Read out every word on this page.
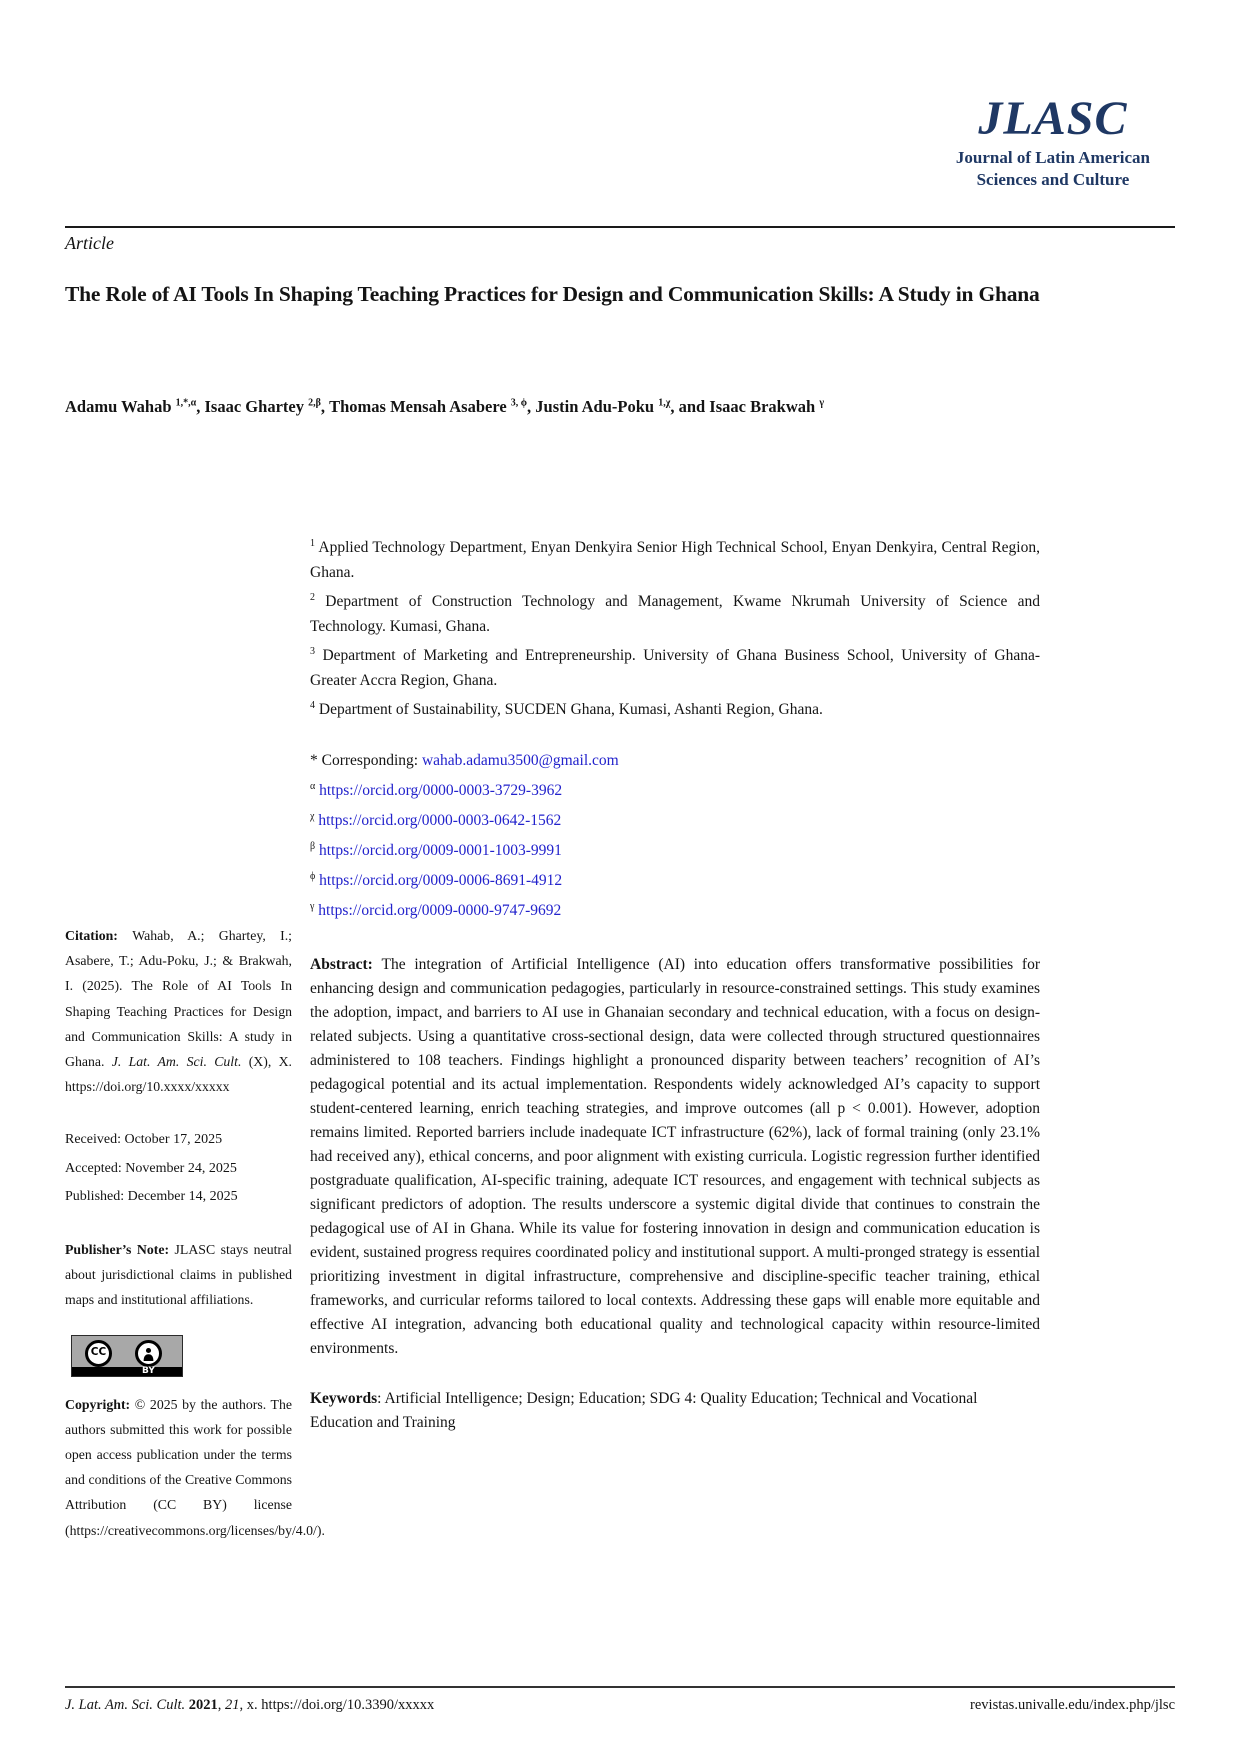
JLASC
Journal of Latin American
Sciences and Culture
Article
The Role of AI Tools In Shaping Teaching Practices for Design and Communication Skills: A Study in Ghana
Adamu Wahab $^{1,*,\alpha}$, Isaac Ghartey $^{2,\beta}$, Thomas Mensah Asabere $^{3, \phi}$, Justin Adu-Poku $^{1,\chi}$, and Isaac Brakwah $^\gamma$

Citation: Wahab, A.; Ghartey, I.; Asabere, T.; Adu-Poku, J.; & Brakwah, I. (2025). The Role of AI Tools In Shaping Teaching Practices for Design and Communication Skills: A study in Ghana. J. Lat. Am. Sci. Cult. (X), X. https://doi.org/10.xxxx/xxxxx

Received: October 17, 2025
Accepted: November 24, 2025
Published: December 14, 2025

Publisher’s Note: JLASC stays neutral about jurisdictional claims in published maps and institutional affiliations.

CC
BY

Copyright: © 2025 by the authors. The authors submitted this work for possible open access publication under the terms and conditions of the Creative Commons Attribution (CC BY) license (https://creativecommons.org/licenses/by/4.0/).

$^1$ Applied Technology Department, Enyan Denkyira Senior High Technical School, Enyan Denkyira, Central Region, Ghana.
$^2$ Department of Construction Technology and Management, Kwame Nkrumah University of Science and Technology. Kumasi, Ghana.
$^3$ Department of Marketing and Entrepreneurship. University of Ghana Business School, University of Ghana- Greater Accra Region, Ghana.
$^4$ Department of Sustainability, SUCDEN Ghana, Kumasi, Ashanti Region, Ghana.
* Corresponding: wahab.adamu3500@gmail.com
$^\alpha$ https://orcid.org/0000-0003-3729-3962
$^\chi$ https://orcid.org/0000-0003-0642-1562
$^\beta$ https://orcid.org/0009-0001-1003-9991
$^\phi$ https://orcid.org/0009-0006-8691-4912
$^\gamma$ https://orcid.org/0009-0000-9747-9692

Abstract: The integration of Artificial Intelligence (AI) into education offers transformative possibilities for enhancing design and communication pedagogies, particularly in resource-constrained settings. This study examines the adoption, impact, and barriers to AI use in Ghanaian secondary and technical education, with a focus on design-related subjects. Using a quantitative cross-sectional design, data were collected through structured questionnaires administered to 108 teachers. Findings highlight a pronounced disparity between teachers’ recognition of AI’s pedagogical potential and its actual implementation. Respondents widely acknowledged AI’s capacity to support student-centered learning, enrich teaching strategies, and improve outcomes (all p < 0.001). However, adoption remains limited. Reported barriers include inadequate ICT infrastructure (62%), lack of formal training (only 23.1% had received any), ethical concerns, and poor alignment with existing curricula. Logistic regression further identified postgraduate qualification, AI-specific training, adequate ICT resources, and engagement with technical subjects as significant predictors of adoption. The results underscore a systemic digital divide that continues to constrain the pedagogical use of AI in Ghana. While its value for fostering innovation in design and communication education is evident, sustained progress requires coordinated policy and institutional support. A multi-pronged strategy is essential prioritizing investment in digital infrastructure, comprehensive and discipline-specific teacher training, ethical frameworks, and curricular reforms tailored to local contexts. Addressing these gaps will enable more equitable and effective AI integration, advancing both educational quality and technological capacity within resource-limited environments.

Keywords: Artificial Intelligence; Design; Education; SDG 4: Quality Education; Technical and Vocational Education and Training

J. Lat. Am. Sci. Cult. 2021, 21, x. https://doi.org/10.3390/xxxxx	revistas.univalle.edu/index.php/jlsc
